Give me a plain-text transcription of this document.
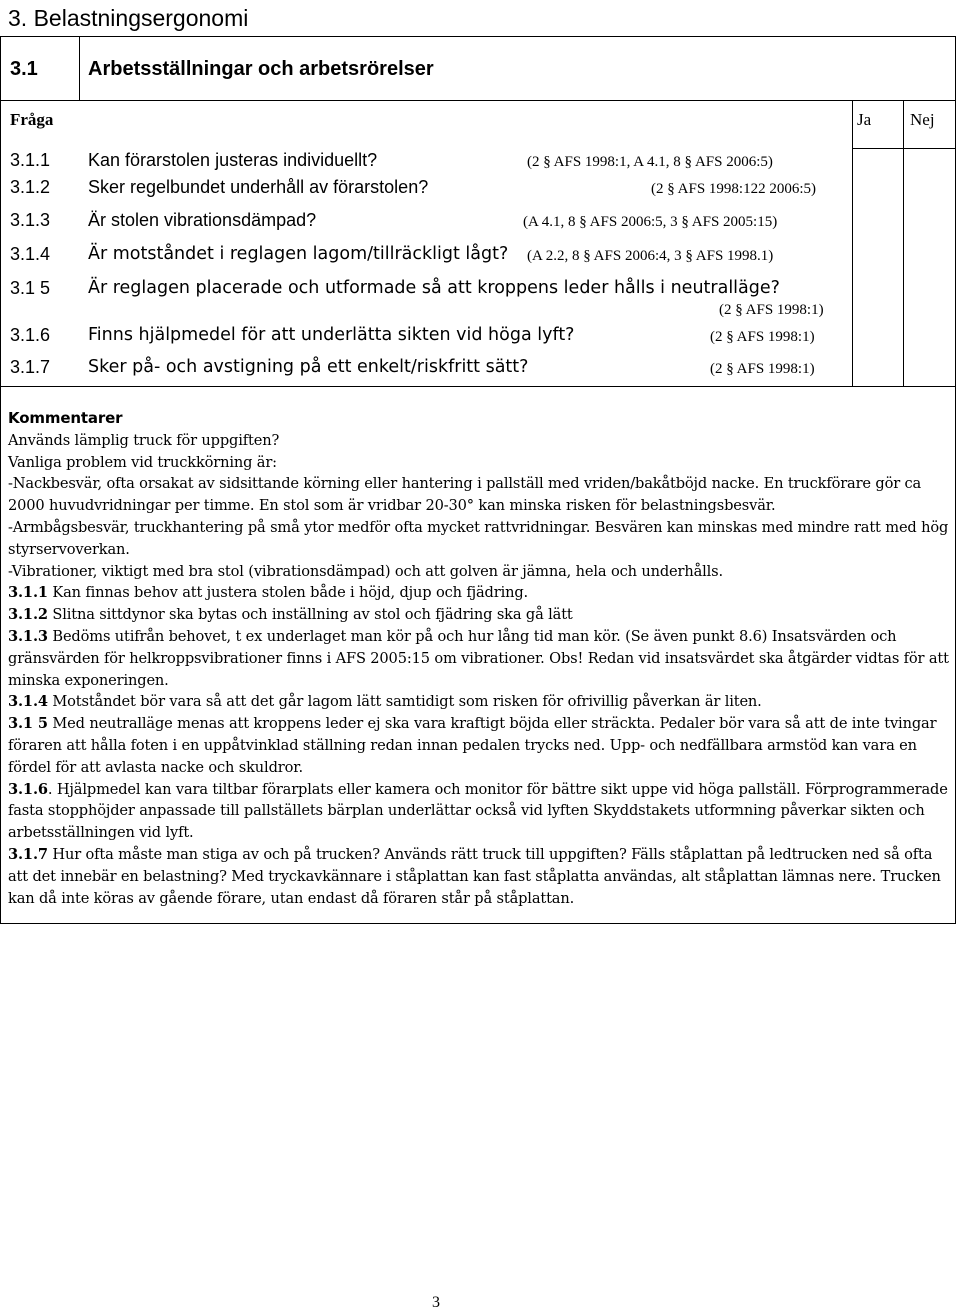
3. Belastningsergonomi
3.1	Arbetsställningar och arbetsrörelser
Fråga	Ja Nej
3.1.1 Kan förarstolen justeras individuellt?	(2 § AFS 1998:1, A 4.1, 8 § AFS 2006:5)
3.1.2 Sker regelbundet underhåll av förarstolen?	(2 § AFS 1998:122 2006:5)
3.1.3 Är stolen vibrationsdämpad?	(A 4.1, 8 § AFS 2006:5, 3 § AFS 2005:15)
3.1.4 Är motståndet i reglagen lagom/tillräckligt lågt? (A 2.2, 8 § AFS 2006:4, 3 § AFS 1998.1)
3.1 5 Är reglagen placerade och utformade så att kroppens leder hålls i neutralläge?
(2 § AFS 1998:1)
3.1.6 Finns hjälpmedel för att underlätta sikten vid höga lyft?	(2 § AFS 1998:1)
3.1.7 Sker på- och avstigning på ett enkelt/riskfritt sätt?	(2 § AFS 1998:1)

Kommentarer

Används lämplig truck för uppgiften?

Vanliga problem vid truckkörning är:

-Nackbesvär, ofta orsakat av sidsittande körning eller hantering i pallställ med vriden/bakåtböjd nacke. En truckförare gör ca 2000 huvudvridningar per timme. En stol som är vridbar 20-30° kan minska risken för belastningsbesvär.

-Armbågsbesvär, truckhantering på små ytor medför ofta mycket rattvridningar. Besvären kan minskas med mindre ratt med hög styrservoverkan.

-Vibrationer, viktigt med bra stol (vibrationsdämpad) och att golven är jämna, hela och underhålls.

3.1.1 Kan finnas behov att justera stolen både i höjd, djup och fjädring.

3.1.2 Slitna sittdynor ska bytas och inställning av stol och fjädring ska gå lätt

3.1.3 Bedöms utifrån behovet, t ex underlaget man kör på och hur lång tid man kör. (Se även punkt 8.6) Insatsvärden och gränsvärden för helkroppsvibrationer finns i AFS 2005:15 om vibrationer. Obs! Redan vid insatsvärdet ska åtgärder vidtas för att minska exponeringen.

3.1.4 Motståndet bör vara så att det går lagom lätt samtidigt som risken för ofrivillig påverkan är liten.

3.1 5 Med neutralläge menas att kroppens leder ej ska vara kraftigt böjda eller sträckta. Pedaler bör vara så att de inte tvingar föraren att hålla foten i en uppåtvinklad ställning redan innan pedalen trycks ned. Upp- och nedfällbara armstöd kan vara en fördel för att avlasta nacke och skuldror.

3.1.6. Hjälpmedel kan vara tiltbar förarplats eller kamera och monitor för bättre sikt uppe vid höga pallställ. Förprogrammerade fasta stopphöjder anpassade till pallställets bärplan underlättar också vid lyften Skyddstakets utformning påverkar sikten och arbetsställningen vid lyft.

3.1.7 Hur ofta måste man stiga av och på trucken? Används rätt truck till uppgiften? Fälls ståplattan på ledtrucken ned så ofta att det innebär en belastning? Med tryckavkännare i ståplattan kan fast ståplatta användas, alt ståplattan lämnas nere. Trucken kan då inte köras av gående förare, utan endast då föraren står på ståplattan.

3
